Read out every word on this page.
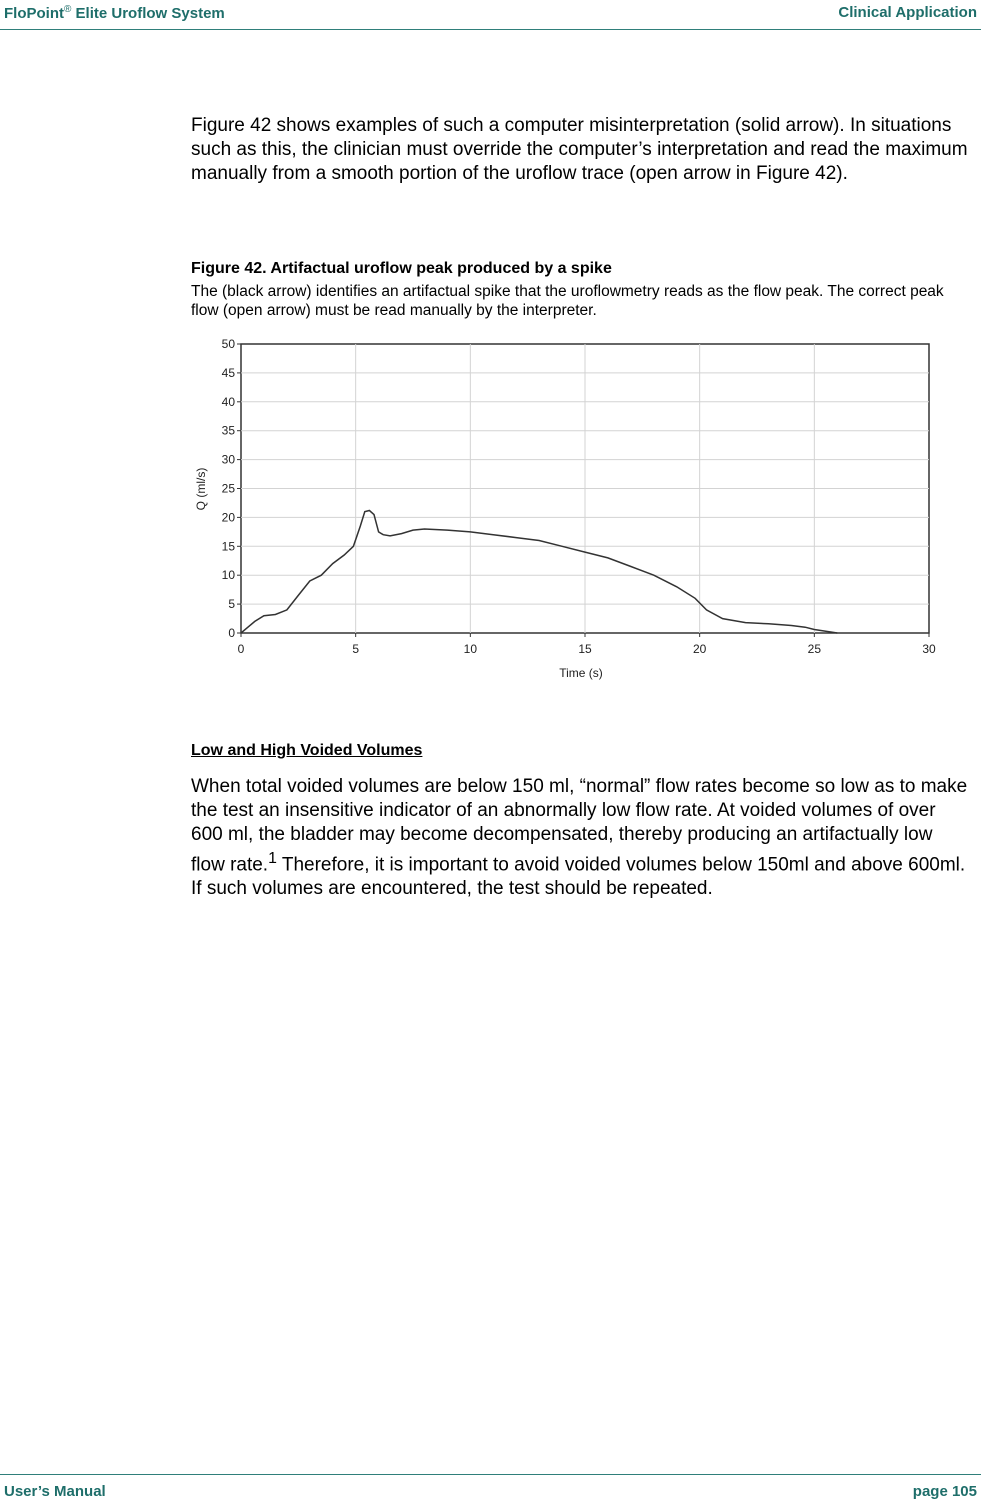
FloPoint® Elite Uroflow System	Clinical Application

Figure 42 shows examples of such a computer misinterpretation (solid arrow). In situations such as this, the clinician must override the computer’s interpretation and read the maximum manually from a smooth portion of the uroflow trace (open arrow in Figure 42).

Figure 42. Artifactual uroflow peak produced by a spike

The (black arrow) identifies an artifactual spike that the uroflowmetry reads as the flow peak. The correct peak flow (open arrow) must be read manually by the interpreter.

0	5	10	15	20	25	30
0
5
10
15
20
25
30
35
40
45
50
Time (s)
Q (ml/s)

Low and High Voided Volumes

When total voided volumes are below 150 ml, “normal” flow rates become so low as to make the test an insensitive indicator of an abnormally low flow rate. At voided volumes of over 600 ml, the bladder may become decompensated, thereby producing an artifactually low flow rate.$^1$ Therefore, it is important to avoid voided volumes below 150ml and above 600ml. If such volumes are encountered, the test should be repeated.

User’s Manual	page 105
